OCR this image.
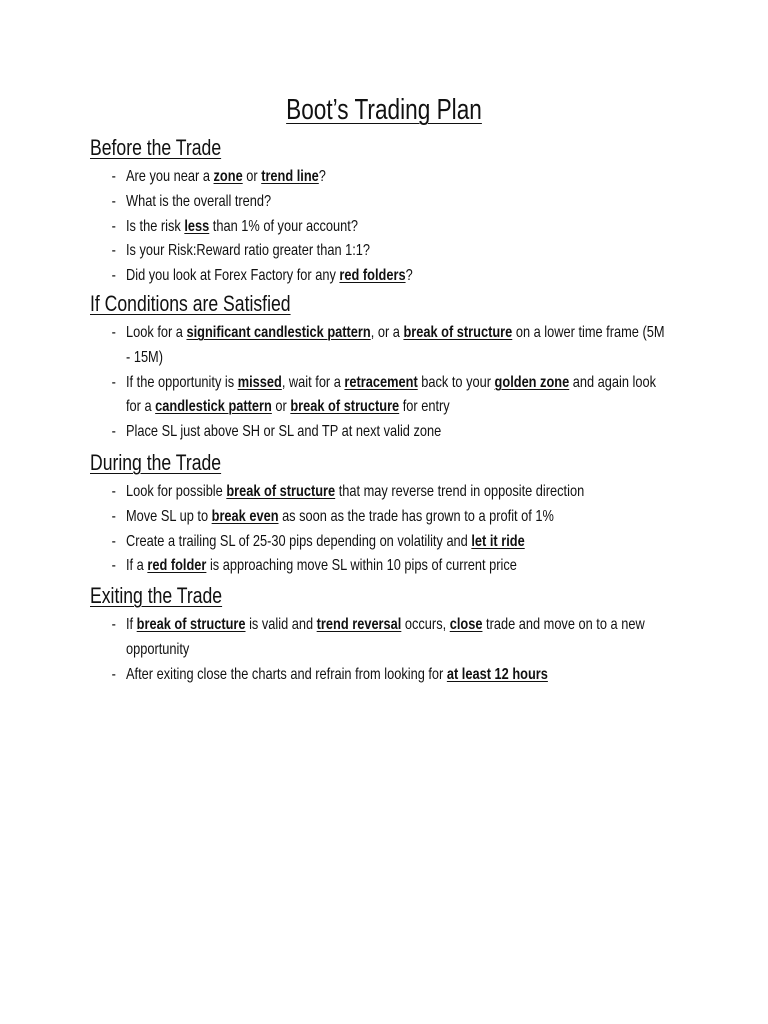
Boot’s Trading Plan
Before the Trade
- Are you near a zone or trend line?
- What is the overall trend?
- Is the risk less than 1% of your account?
- Is your Risk:Reward ratio greater than 1:1?
- Did you look at Forex Factory for any red folders?
If Conditions are Satisfied
- Look for a significant candlestick pattern, or a break of structure on a lower time frame (5M - 15M)
- If the opportunity is missed, wait for a retracement back to your golden zone and again look for a candlestick pattern or break of structure for entry
- Place SL just above SH or SL and TP at next valid zone
During the Trade
- Look for possible break of structure that may reverse trend in opposite direction
- Move SL up to break even as soon as the trade has grown to a profit of 1%
- Create a trailing SL of 25-30 pips depending on volatility and let it ride
- If a red folder is approaching move SL within 10 pips of current price
Exiting the Trade
- If break of structure is valid and trend reversal occurs, close trade and move on to a new opportunity
- After exiting close the charts and refrain from looking for at least 12 hours
